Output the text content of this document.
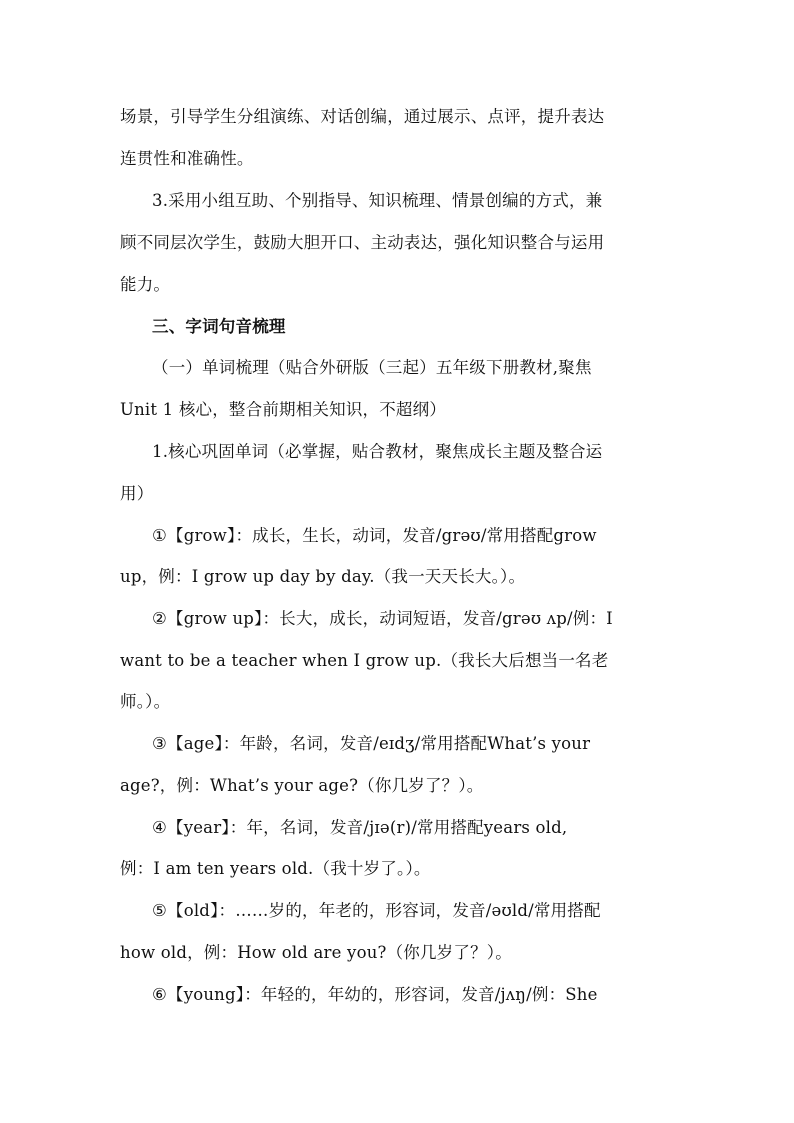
场景，引导学生分组演练、对话创编，通过展示、点评，提升表达
连贯性和准确性。
3.采用小组互助、个别指导、知识梳理、情景创编的方式，兼
顾不同层次学生，鼓励大胆开口、主动表达，强化知识整合与运用
能力。
三、字词句音梳理
（一）单词梳理（贴合外研版（三起）五年级下册教材,聚焦
Unit 1 核心，整合前期相关知识，不超纲）
1.核心巩固单词（必掌握，贴合教材，聚焦成长主题及整合运
用）
①【grow】：成长，生长，动词，发音/grəʊ/常用搭配grow
up，例：I grow up day by day.（我一天天长大。）。
②【grow up】：长大，成长，动词短语，发音/grəʊ ʌp/例：I
want to be a teacher when I grow up.（我长大后想当一名老
师。）。
③【age】：年龄，名词，发音/eɪdʒ/常用搭配What’s your
age?，例：What’s your age?（你几岁了？）。
④【year】：年，名词，发音/jɪə(r)/常用搭配years old,
例：I am ten years old.（我十岁了。）。
⑤【old】：……岁的，年老的，形容词，发音/əʊld/常用搭配
how old，例：How old are you?（你几岁了？）。
⑥【young】：年轻的，年幼的，形容词，发音/jʌŋ/例：She
